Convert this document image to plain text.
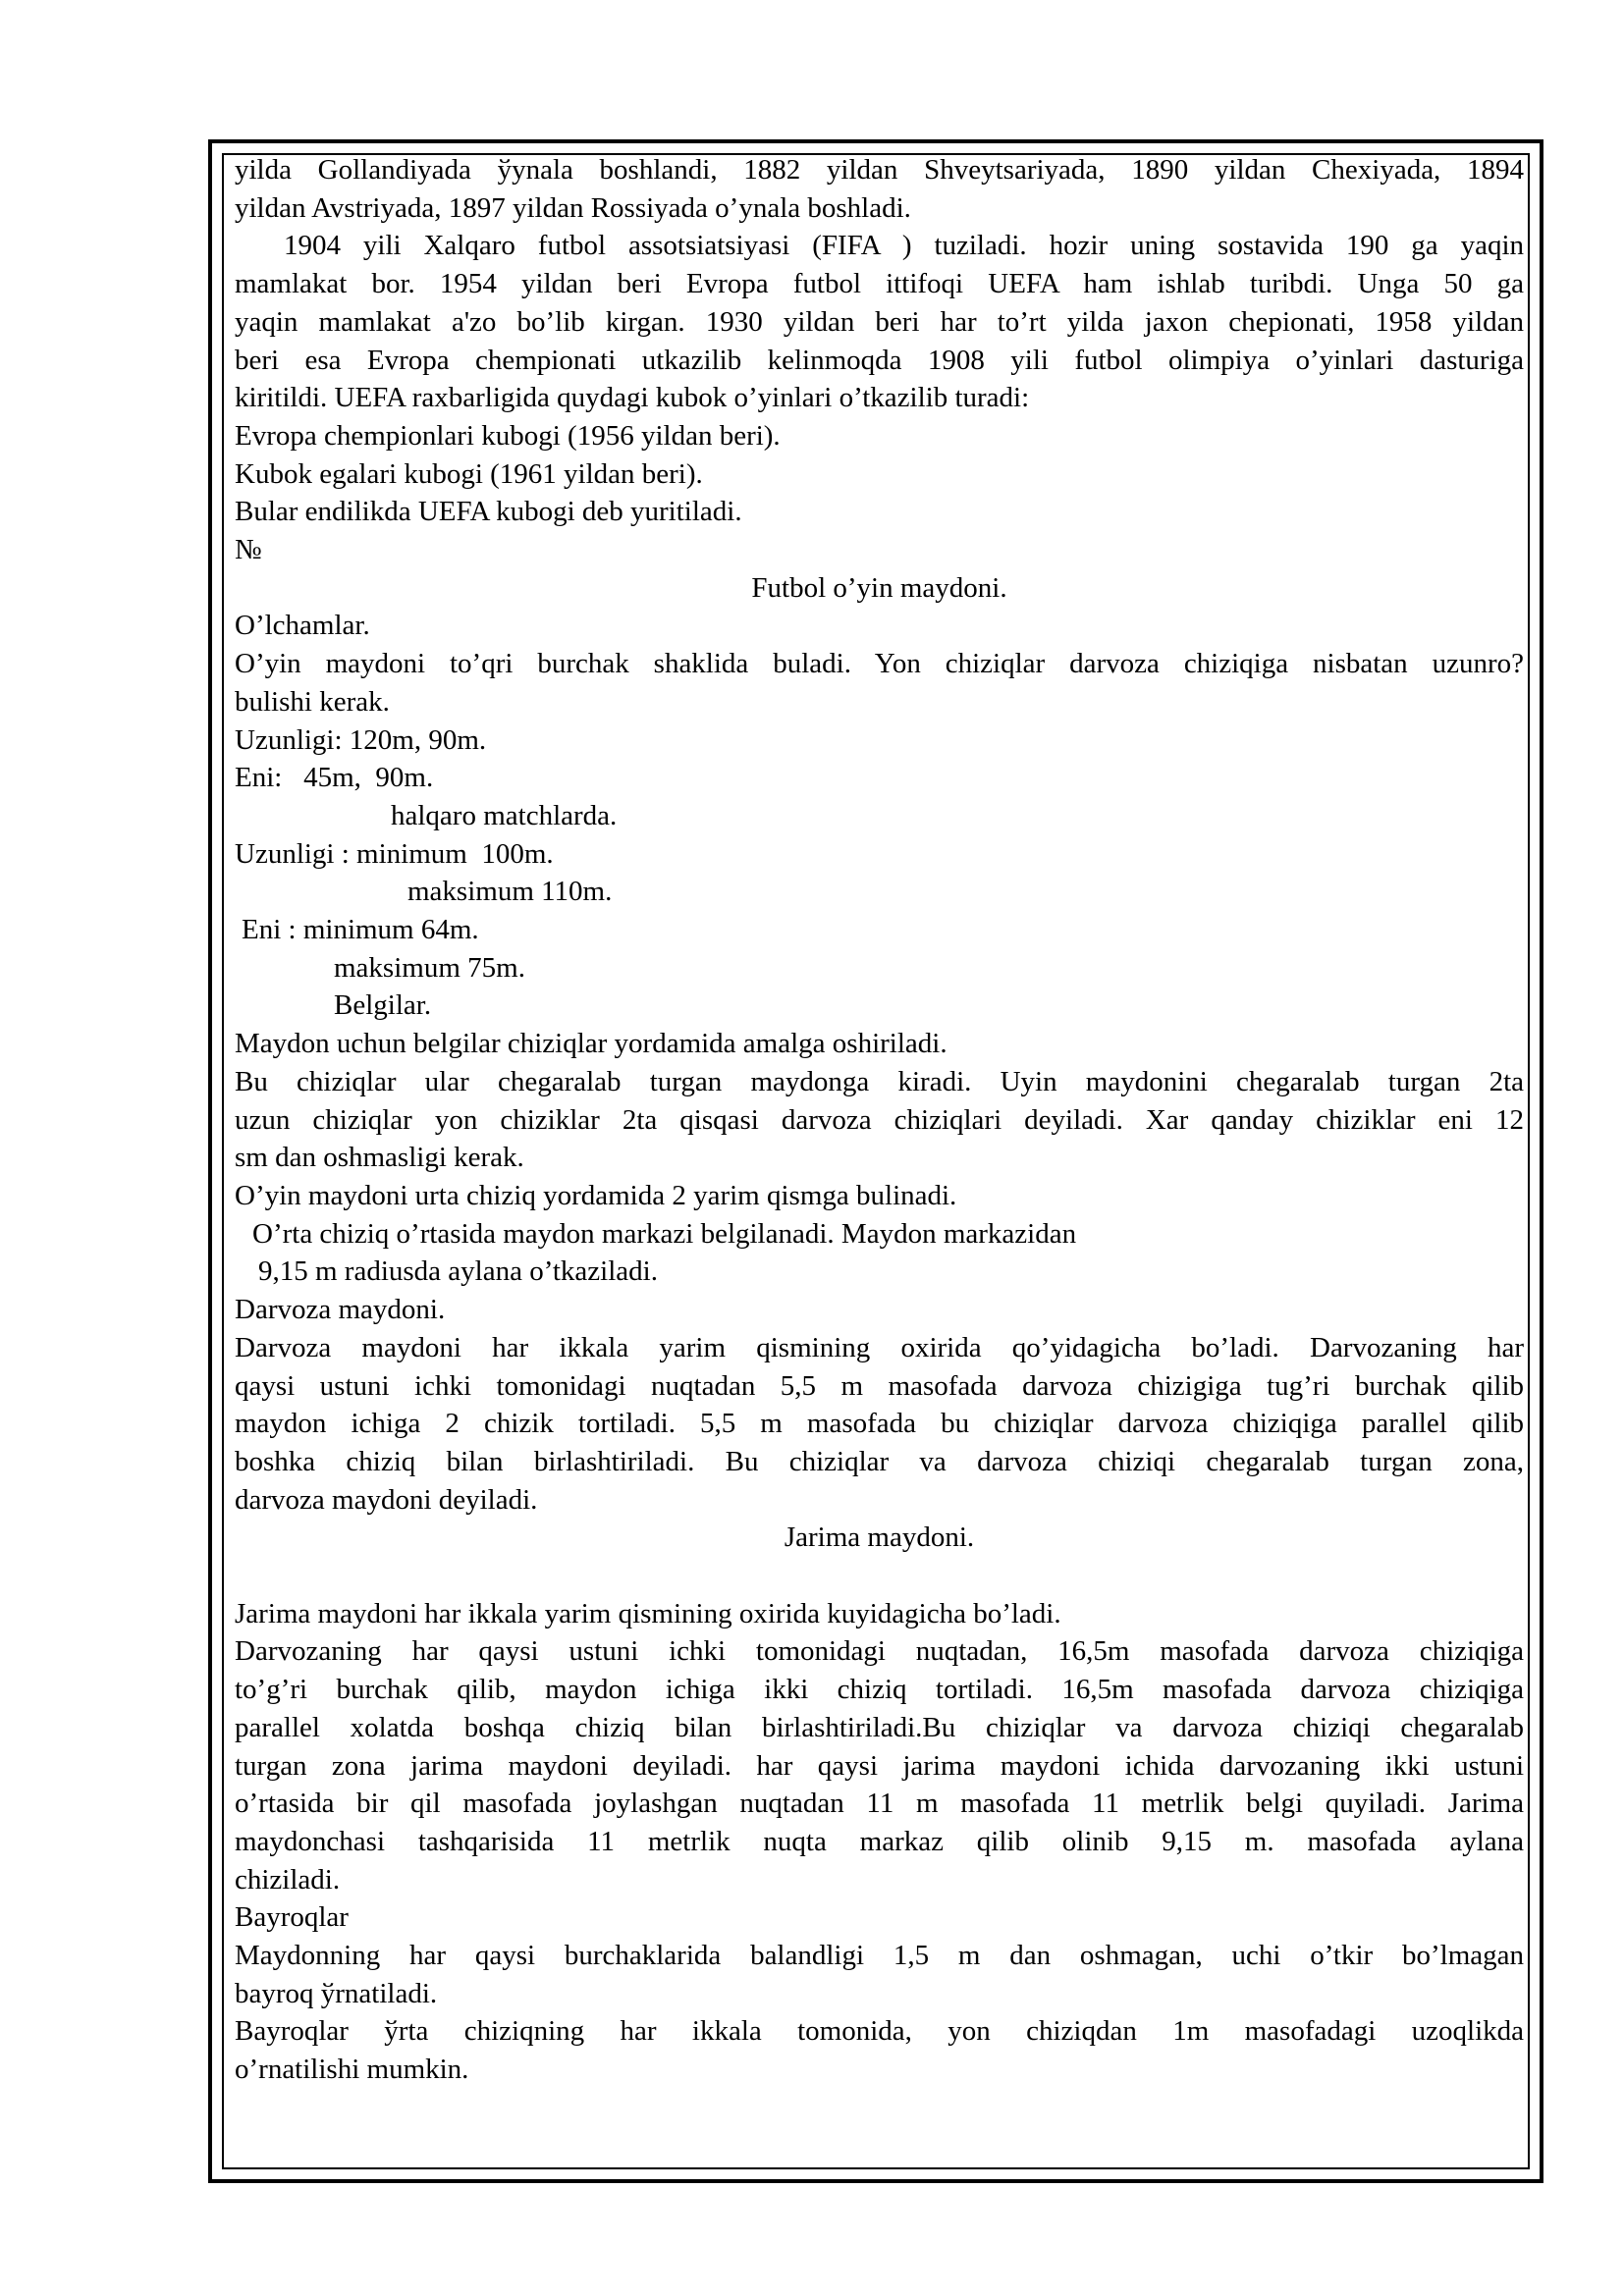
yilda Gollandiyada ўynala boshlandi, 1882 yildan Shveytsariyada, 1890 yildan Chexiyada, 1894

yildan Avstriyada, 1897 yildan Rossiyada o’ynala boshladi.

1904 yili Xalqaro futbol assotsiatsiyasi (FIFA ) tuziladi. hozir uning sostavida 190 ga yaqin

mamlakat bor. 1954 yildan beri Evropa futbol ittifoqi UEFA ham ishlab turibdi. Unga 50 ga

yaqin mamlakat a'zo bo’lib kirgan. 1930 yildan beri har to’rt yilda jaxon chepionati, 1958 yildan

beri esa Evropa chempionati utkazilib kelinmoqda 1908 yili futbol olimpiya o’yinlari dasturiga

kiritildi. UEFA raxbarligida quydagi kubok o’yinlari o’tkazilib turadi:

Evropa chempionlari kubogi (1956 yildan beri).

Kubok egalari kubogi (1961 yildan beri).

Bular endilikda UEFA kubogi deb yuritiladi.

№

Futbol o’yin maydoni.

O’lchamlar.

O’yin maydoni to’qri burchak shaklida buladi. Yon chiziqlar darvoza chiziqiga nisbatan uzunro?

bulishi kerak.

Uzunligi: 120m, 90m.

Eni:   45m,  90m.

halqaro matchlarda.

Uzunligi : minimum  100m.

maksimum 110m.

Eni : minimum 64m.

maksimum 75m.

Belgilar.

Maydon uchun belgilar chiziqlar yordamida amalga oshiriladi.

Bu chiziqlar ular chegaralab turgan maydonga kiradi. Uyin maydonini chegaralab turgan 2ta

uzun chiziqlar yon chiziklar 2ta qisqasi darvoza chiziqlari deyiladi. Xar qanday chiziklar eni 12

sm dan oshmasligi kerak.

O’yin maydoni urta chiziq yordamida 2 yarim qismga bulinadi.

O’rta chiziq o’rtasida maydon markazi belgilanadi. Maydon markazidan

9,15 m radiusda aylana o’tkaziladi.

Darvoza maydoni.

Darvoza maydoni har ikkala yarim qismining oxirida qo’yidagicha bo’ladi. Darvozaning har

qaysi ustuni ichki tomonidagi nuqtadan 5,5 m masofada darvoza chizigiga tug’ri burchak qilib

maydon ichiga 2 chizik tortiladi. 5,5 m masofada bu chiziqlar darvoza chiziqiga parallel qilib

boshka chiziq bilan birlashtiriladi. Bu chiziqlar va darvoza chiziqi chegaralab turgan zona,

darvoza maydoni deyiladi.

Jarima maydoni.

Jarima maydoni har ikkala yarim qismining oxirida kuyidagicha bo’ladi.

Darvozaning har qaysi ustuni ichki tomonidagi nuqtadan, 16,5m masofada darvoza chiziqiga

to’g’ri burchak qilib, maydon ichiga ikki chiziq tortiladi. 16,5m masofada darvoza chiziqiga

parallel xolatda boshqa chiziq bilan birlashtiriladi.Bu chiziqlar va darvoza chiziqi chegaralab

turgan zona jarima maydoni deyiladi. har qaysi jarima maydoni ichida darvozaning ikki ustuni

o’rtasida bir qil masofada joylashgan nuqtadan 11 m masofada 11 metrlik belgi quyiladi. Jarima

maydonchasi tashqarisida 11 metrlik nuqta markaz qilib olinib 9,15 m. masofada aylana

chiziladi.

Bayroqlar

Maydonning har qaysi burchaklarida balandligi 1,5 m dan oshmagan, uchi o’tkir bo’lmagan

bayroq ўrnatiladi.

Bayroqlar ўrta chiziqning har ikkala tomonida, yon chiziqdan 1m masofadagi uzoqlikda

o’rnatilishi mumkin.
